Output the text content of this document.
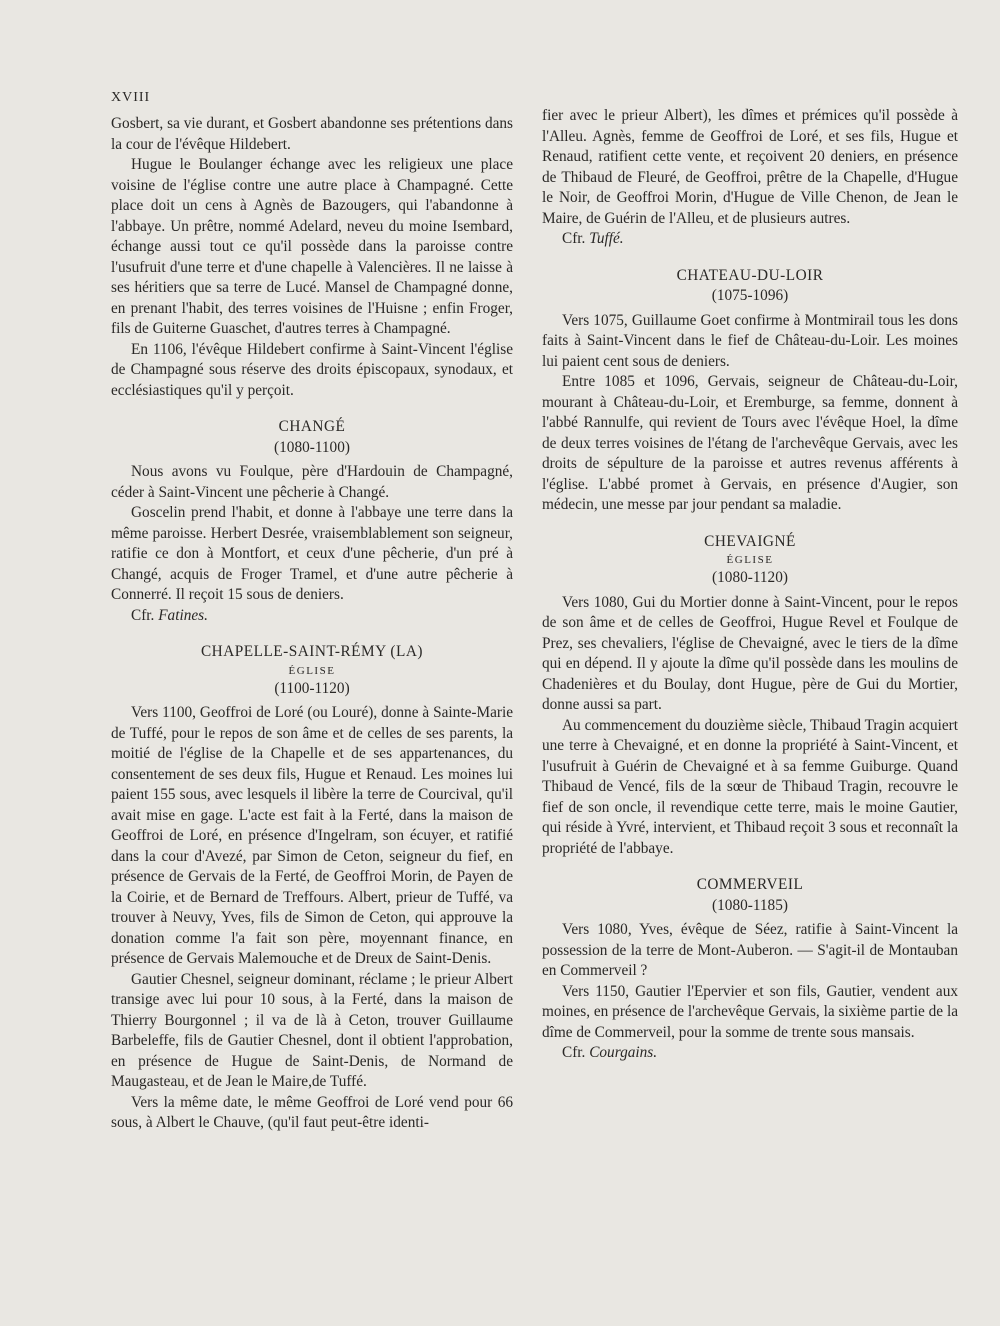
XVIII

Gosbert, sa vie durant, et Gosbert abandonne ses prétentions dans la cour de l'évêque Hildebert.

Hugue le Boulanger échange avec les religieux une place voisine de l'église contre une autre place à Champagné. Cette place doit un cens à Agnès de Bazougers, qui l'abandonne à l'abbaye. Un prêtre, nommé Adelard, neveu du moine Isembard, échange aussi tout ce qu'il possède dans la paroisse contre l'usufruit d'une terre et d'une chapelle à Valencières. Il ne laisse à ses héritiers que sa terre de Lucé. Mansel de Champagné donne, en prenant l'habit, des terres voisines de l'Huisne ; enfin Froger, fils de Guiterne Guaschet, d'autres terres à Champagné.

En 1106, l'évêque Hildebert confirme à Saint-Vincent l'église de Champagné sous réserve des droits épiscopaux, synodaux, et ecclésiastiques qu'il y perçoit.

CHANGÉ
(1080-1100)

Nous avons vu Foulque, père d'Hardouin de Champagné, céder à Saint-Vincent une pêcherie à Changé.

Goscelin prend l'habit, et donne à l'abbaye une terre dans la même paroisse. Herbert Desrée, vraisemblablement son seigneur, ratifie ce don à Montfort, et ceux d'une pêcherie, d'un pré à Changé, acquis de Froger Tramel, et d'une autre pêcherie à Connerré. Il reçoit 15 sous de deniers.

Cfr. Fatines.

CHAPELLE-SAINT-RÉMY (LA)
ÉGLISE
(1100-1120)

Vers 1100, Geoffroi de Loré (ou Louré), donne à Sainte-Marie de Tuffé, pour le repos de son âme et de celles de ses parents, la moitié de l'église de la Chapelle et de ses appartenances, du consentement de ses deux fils, Hugue et Renaud. Les moines lui paient 155 sous, avec lesquels il libère la terre de Courcival, qu'il avait mise en gage. L'acte est fait à la Ferté, dans la maison de Geoffroi de Loré, en présence d'Ingelram, son écuyer, et ratifié dans la cour d'Avezé, par Simon de Ceton, seigneur du fief, en présence de Gervais de la Ferté, de Geoffroi Morin, de Payen de la Coirie, et de Bernard de Treffours. Albert, prieur de Tuffé, va trouver à Neuvy, Yves, fils de Simon de Ceton, qui approuve la donation comme l'a fait son père, moyennant finance, en présence de Gervais Malemouche et de Dreux de Saint-Denis.

Gautier Chesnel, seigneur dominant, réclame ; le prieur Albert transige avec lui pour 10 sous, à la Ferté, dans la maison de Thierry Bourgonnel ; il va de là à Ceton, trouver Guillaume Barbeleffe, fils de Gautier Chesnel, dont il obtient l'approbation, en présence de Hugue de Saint-Denis, de Normand de Maugasteau, et de Jean le Maire,de Tuffé.

Vers la même date, le même Geoffroi de Loré vend pour 66 sous, à Albert le Chauve, (qu'il faut peut-être identi-

fier avec le prieur Albert), les dîmes et prémices qu'il possède à l'Alleu. Agnès, femme de Geoffroi de Loré, et ses fils, Hugue et Renaud, ratifient cette vente, et reçoivent 20 deniers, en présence de Thibaud de Fleuré, de Geoffroi, prêtre de la Chapelle, d'Hugue le Noir, de Geoffroi Morin, d'Hugue de Ville Chenon, de Jean le Maire, de Guérin de l'Alleu, et de plusieurs autres.

Cfr. Tuffé.

CHATEAU-DU-LOIR
(1075-1096)

Vers 1075, Guillaume Goet confirme à Montmirail tous les dons faits à Saint-Vincent dans le fief de Château-du-Loir. Les moines lui paient cent sous de deniers.

Entre 1085 et 1096, Gervais, seigneur de Château-du-Loir, mourant à Château-du-Loir, et Eremburge, sa femme, donnent à l'abbé Rannulfe, qui revient de Tours avec l'évêque Hoel, la dîme de deux terres voisines de l'étang de l'archevêque Gervais, avec les droits de sépulture de la paroisse et autres revenus afférents à l'église. L'abbé promet à Gervais, en présence d'Augier, son médecin, une messe par jour pendant sa maladie.

CHEVAIGNÉ
ÉGLISE
(1080-1120)

Vers 1080, Gui du Mortier donne à Saint-Vincent, pour le repos de son âme et de celles de Geoffroi, Hugue Revel et Foulque de Prez, ses chevaliers, l'église de Chevaigné, avec le tiers de la dîme qui en dépend. Il y ajoute la dîme qu'il possède dans les moulins de Chadenières et du Boulay, dont Hugue, père de Gui du Mortier, donne aussi sa part.

Au commencement du douzième siècle, Thibaud Tragin acquiert une terre à Chevaigné, et en donne la propriété à Saint-Vincent, et l'usufruit à Guérin de Chevaigné et à sa femme Guiburge. Quand Thibaud de Vencé, fils de la sœur de Thibaud Tragin, recouvre le fief de son oncle, il revendique cette terre, mais le moine Gautier, qui réside à Yvré, intervient, et Thibaud reçoit 3 sous et reconnaît la propriété de l'abbaye.

COMMERVEIL
(1080-1185)

Vers 1080, Yves, évêque de Séez, ratifie à Saint-Vincent la possession de la terre de Mont-Auberon. — S'agit-il de Montauban en Commerveil ?

Vers 1150, Gautier l'Epervier et son fils, Gautier, vendent aux moines, en présence de l'archevêque Gervais, la sixième partie de la dîme de Commerveil, pour la somme de trente sous mansais.

Cfr. Courgains.
